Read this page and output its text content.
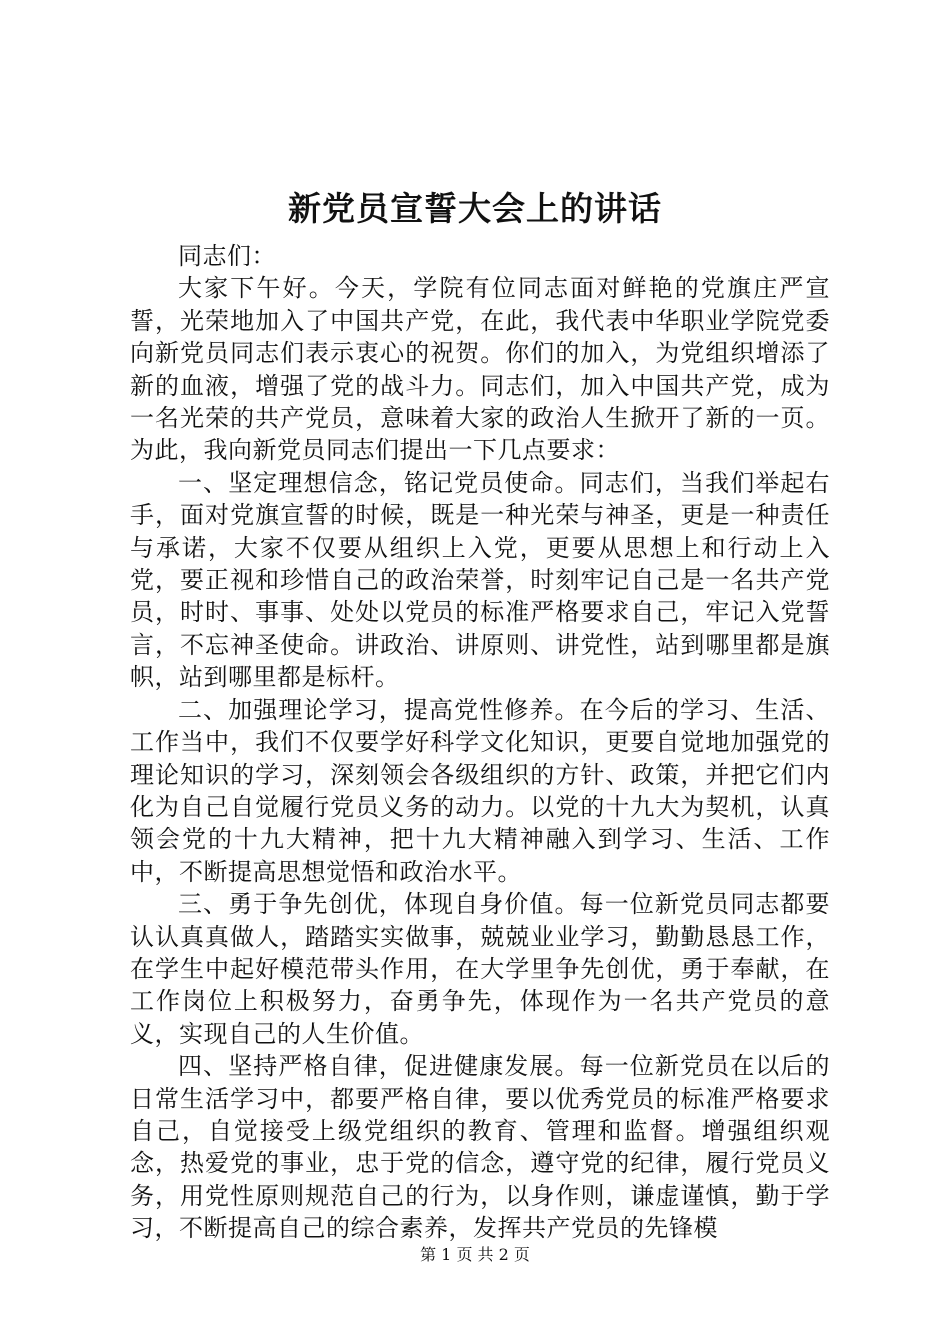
新党员宣誓大会上的讲话

同志们：

大家下午好。今天，学院有位同志面对鲜艳的党旗庄严宣誓，光荣地加入了中国共产党，在此，我代表中华职业学院党委向新党员同志们表示衷心的祝贺。你们的加入，为党组织增添了新的血液，增强了党的战斗力。同志们，加入中国共产党，成为一名光荣的共产党员，意味着大家的政治人生掀开了新的一页。为此，我向新党员同志们提出一下几点要求：

一、坚定理想信念，铭记党员使命。同志们，当我们举起右手，面对党旗宣誓的时候，既是一种光荣与神圣，更是一种责任与承诺，大家不仅要从组织上入党，更要从思想上和行动上入党，要正视和珍惜自己的政治荣誉，时刻牢记自己是一名共产党员，时时、事事、处处以党员的标准严格要求自己，牢记入党誓言，不忘神圣使命。讲政治、讲原则、讲党性，站到哪里都是旗帜，站到哪里都是标杆。

二、加强理论学习，提高党性修养。在今后的学习、生活、工作当中，我们不仅要学好科学文化知识，更要自觉地加强党的理论知识的学习，深刻领会各级组织的方针、政策，并把它们内化为自己自觉履行党员义务的动力。以党的十九大为契机，认真领会党的十九大精神，把十九大精神融入到学习、生活、工作中，不断提高思想觉悟和政治水平。

三、勇于争先创优，体现自身价值。每一位新党员同志都要认认真真做人，踏踏实实做事，兢兢业业学习，勤勤恳恳工作，在学生中起好模范带头作用，在大学里争先创优，勇于奉献，在工作岗位上积极努力，奋勇争先，体现作为一名共产党员的意义，实现自己的人生价值。

四、坚持严格自律，促进健康发展。每一位新党员在以后的日常生活学习中，都要严格自律，要以优秀党员的标准严格要求自己，自觉接受上级党组织的教育、管理和监督。增强组织观念，热爱党的事业，忠于党的信念，遵守党的纪律，履行党员义务，用党性原则规范自己的行为，以身作则，谦虚谨慎，勤于学习，不断提高自己的综合素养，发挥共产党员的先锋模

第 1 页 共 2 页
